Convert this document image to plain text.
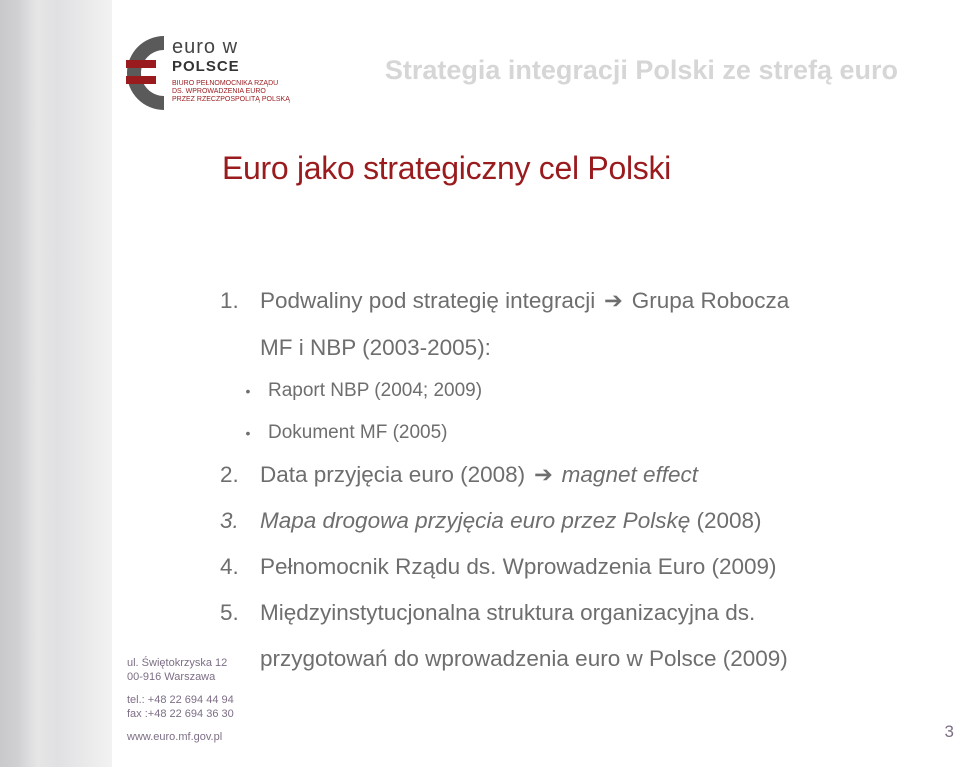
euro w
POLSCE
BIURO PEŁNOMOCNIKA RZĄDU
DS. WPROWADZENIA EURO
PRZEZ RZECZPOSPOLITĄ POLSKĄ
Strategia integracji Polski ze strefą euro
Euro jako strategiczny cel Polski
1. Podwaliny pod strategię integracji ➔ Grupa Robocza
MF i NBP (2003-2005):
• Raport NBP (2004; 2009)
• Dokument MF (2005)
2. Data przyjęcia euro (2008) ➔ magnet effect
3. Mapa drogowa przyjęcia euro przez Polskę (2008)
4. Pełnomocnik Rządu ds. Wprowadzenia Euro (2009)
5. Międzyinstytucjonalna struktura organizacyjna ds.
przygotowań do wprowadzenia euro w Polsce (2009)
ul. Świętokrzyska 12
00-916 Warszawa
tel.: +48 22 694 44 94
fax :+48 22 694 36 30
www.euro.mf.gov.pl	3
